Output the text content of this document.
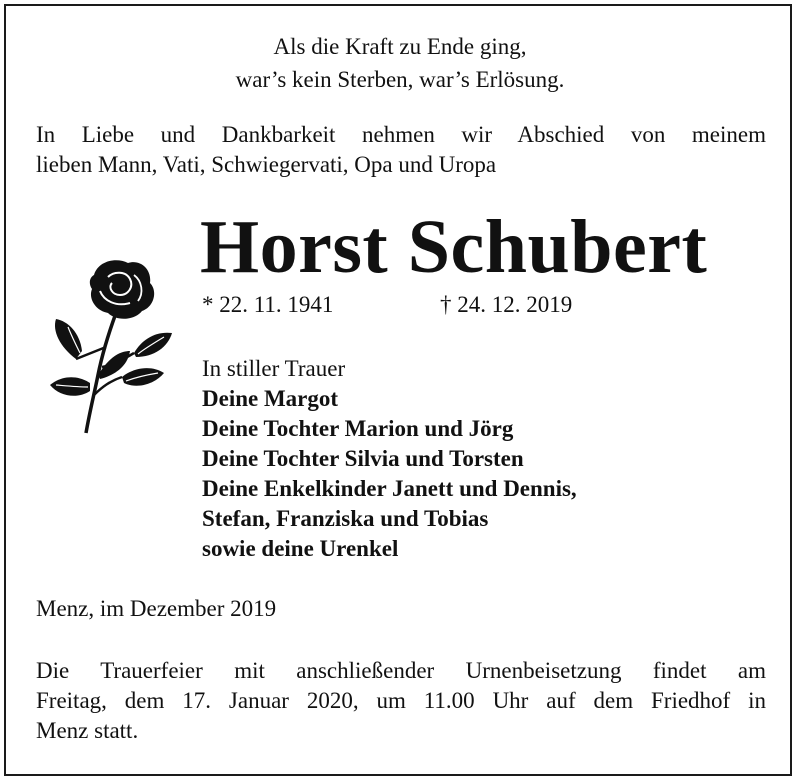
Als die Kraft zu Ende ging,
war’s kein Sterben, war’s Erlösung.
In Liebe und Dankbarkeit nehmen wir Abschied von meinem
lieben Mann, Vati, Schwiegervati, Opa und Uropa
Horst Schubert
* 22. 11. 1941	† 24. 12. 2019
In stiller Trauer
Deine Margot
Deine Tochter Marion und Jörg
Deine Tochter Silvia und Torsten
Deine Enkelkinder Janett und Dennis,
Stefan, Franziska und Tobias
sowie deine Urenkel
Menz, im Dezember 2019
Die Trauerfeier mit anschließender Urnenbeisetzung findet am
Freitag, dem 17. Januar 2020, um 11.00 Uhr auf dem Friedhof in
Menz statt.
